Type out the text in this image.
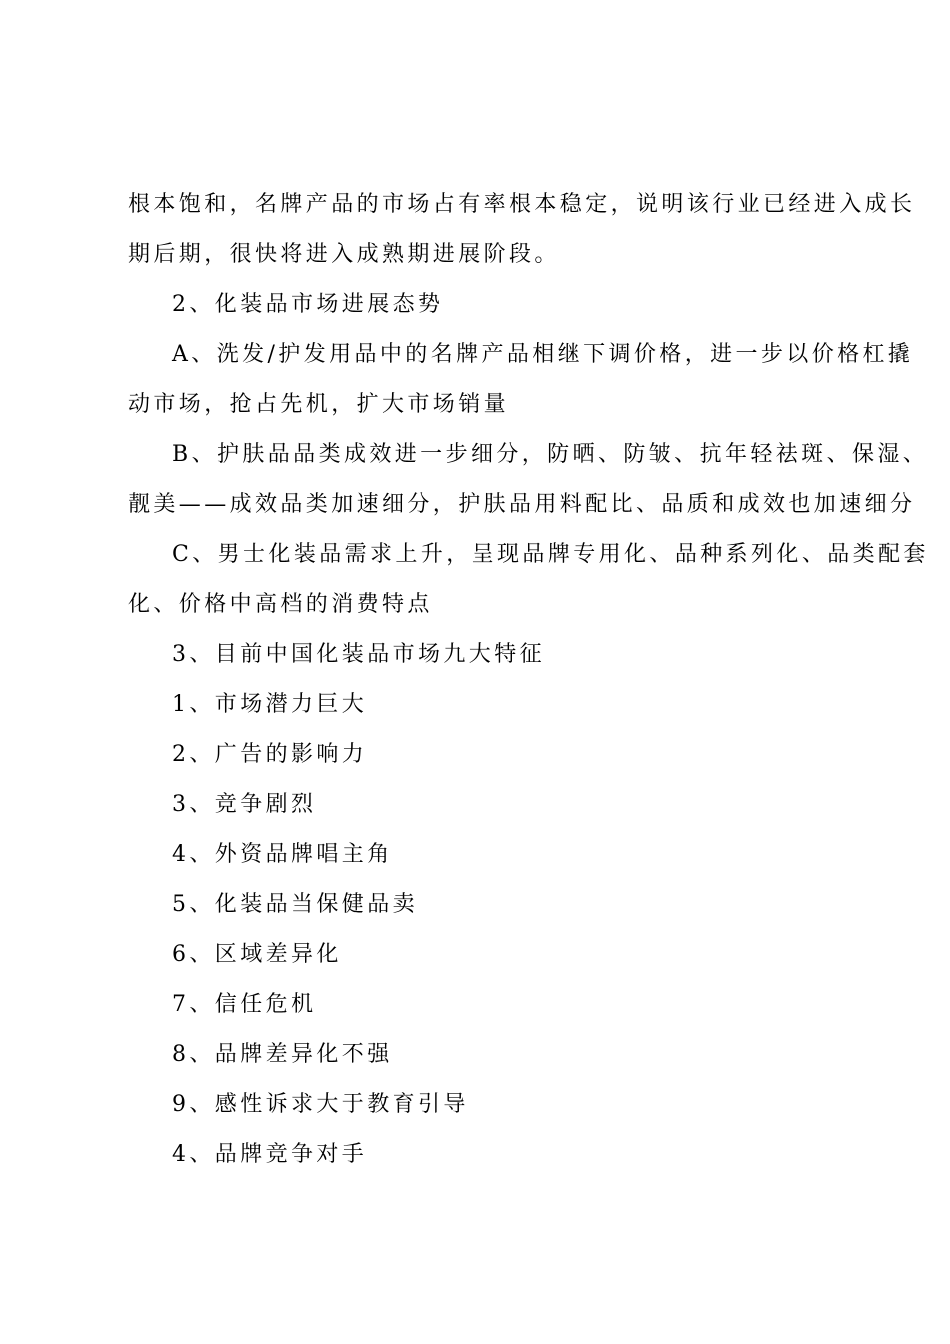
根本饱和，名牌产品的市场占有率根本稳定，说明该行业已经进入成长
期后期，很快将进入成熟期进展阶段。
2、化装品市场进展态势
A、洗发/护发用品中的名牌产品相继下调价格，进一步以价格杠撬
动市场，抢占先机，扩大市场销量
B、护肤品品类成效进一步细分，防晒、防皱、抗年轻祛斑、保湿、
靓美——成效品类加速细分，护肤品用料配比、品质和成效也加速细分
C、男士化装品需求上升，呈现品牌专用化、品种系列化、品类配套
化、价格中高档的消费特点
3、目前中国化装品市场九大特征
1、市场潜力巨大
2、广告的影响力
3、竞争剧烈
4、外资品牌唱主角
5、化装品当保健品卖
6、区域差异化
7、信任危机
8、品牌差异化不强
9、感性诉求大于教育引导
4、品牌竞争对手
